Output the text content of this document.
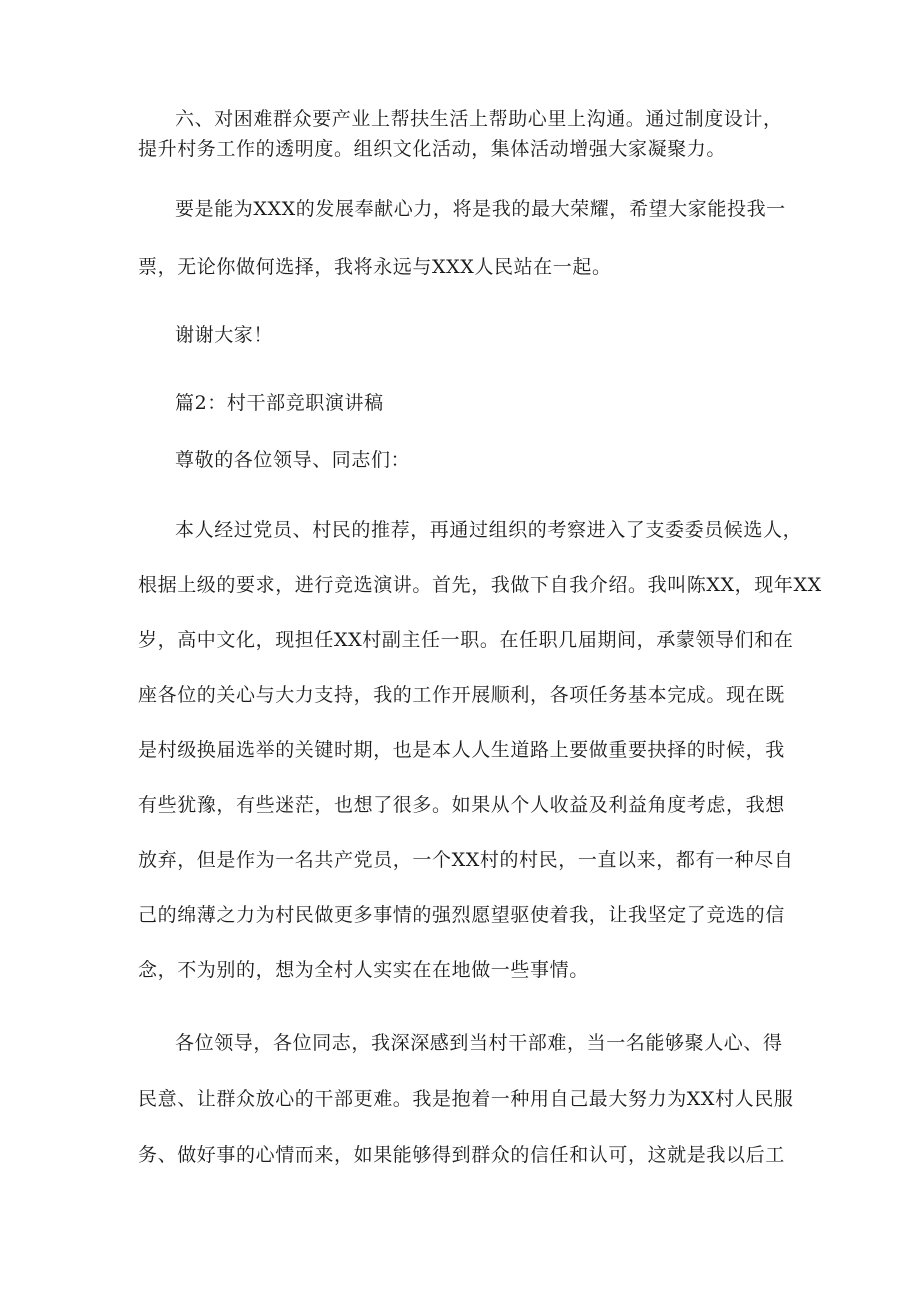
六、对困难群众要产业上帮扶生活上帮助心里上沟通。通过制度设计，
提升村务工作的透明度。组织文化活动，集体活动增强大家凝聚力。
要是能为XXX的发展奉献心力，将是我的最大荣耀，希望大家能投我一
票，无论你做何选择，我将永远与XXX人民站在一起。
谢谢大家！
篇2：村干部竞职演讲稿
尊敬的各位领导、同志们：
本人经过党员、村民的推荐，再通过组织的考察进入了支委委员候选人，
根据上级的要求，进行竞选演讲。首先，我做下自我介绍。我叫陈XX，现年XX
岁，高中文化，现担任XX村副主任一职。在任职几届期间，承蒙领导们和在
座各位的关心与大力支持，我的工作开展顺利，各项任务基本完成。现在既
是村级换届选举的关键时期，也是本人人生道路上要做重要抉择的时候，我
有些犹豫，有些迷茫，也想了很多。如果从个人收益及利益角度考虑，我想
放弃，但是作为一名共产党员，一个XX村的村民，一直以来，都有一种尽自
己的绵薄之力为村民做更多事情的强烈愿望驱使着我，让我坚定了竞选的信
念，不为别的，想为全村人实实在在地做一些事情。
各位领导，各位同志，我深深感到当村干部难，当一名能够聚人心、得
民意、让群众放心的干部更难。我是抱着一种用自己最大努力为XX村人民服
务、做好事的心情而来，如果能够得到群众的信任和认可，这就是我以后工
